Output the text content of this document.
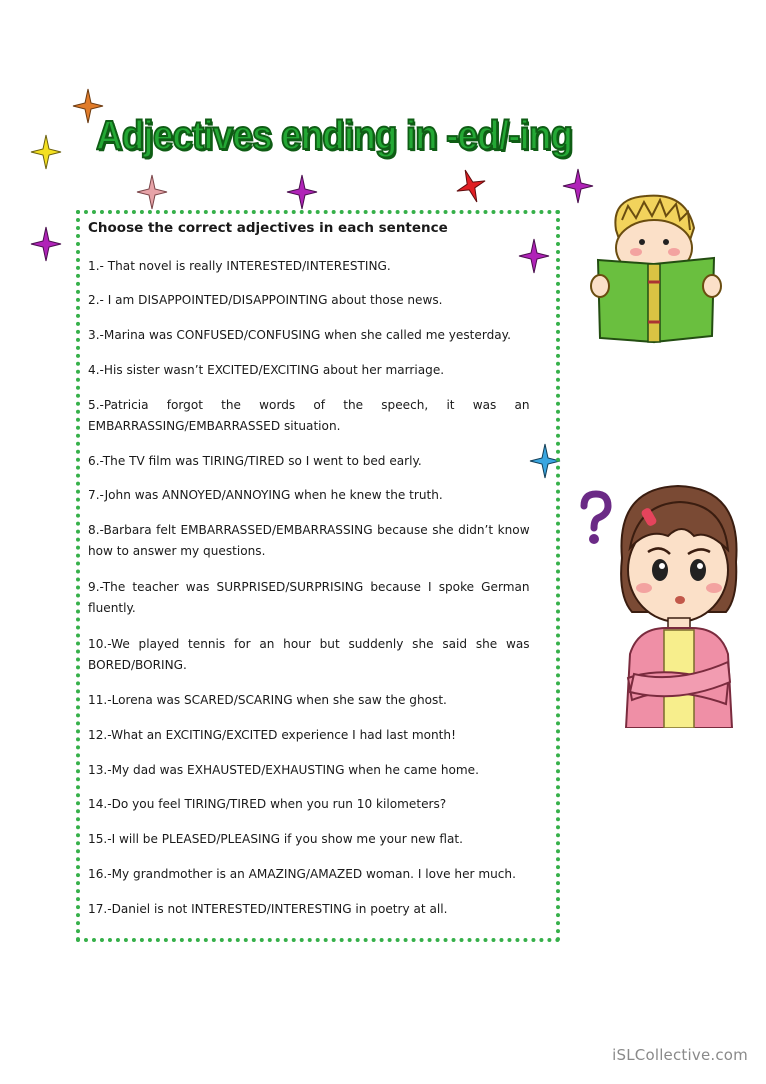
Adjectives ending in -ed/-ing
Choose the correct adjectives in each sentence
1.- That novel is really INTERESTED/INTERESTING.
2.- I am DISAPPOINTED/DISAPPOINTING about those news.
3.-Marina was CONFUSED/CONFUSING when she called me yesterday.
4.-His sister wasn’t EXCITED/EXCITING about her marriage.
5.-Patricia forgot the words of the speech, it was an EMBARRASSING/EMBARRASSED situation.
6.-The TV film was TIRING/TIRED so I went to bed early.
7.-John was ANNOYED/ANNOYING when he knew the truth.
8.-Barbara felt EMBARRASSED/EMBARRASSING because she didn’t know how to answer my questions.
9.-The teacher was SURPRISED/SURPRISING because I spoke German fluently.
10.-We played tennis for an hour but suddenly she said she was BORED/BORING.
11.-Lorena was SCARED/SCARING when she saw the ghost.
12.-What an EXCITING/EXCITED experience I had last month!
13.-My dad was EXHAUSTED/EXHAUSTING when he came home.
14.-Do you feel TIRING/TIRED when you run 10 kilometers?
15.-I will be PLEASED/PLEASING if you show me your new flat.
16.-My grandmother is an AMAZING/AMAZED woman. I love her much.
17.-Daniel is not INTERESTED/INTERESTING in poetry at all.
iSLCollective.com
